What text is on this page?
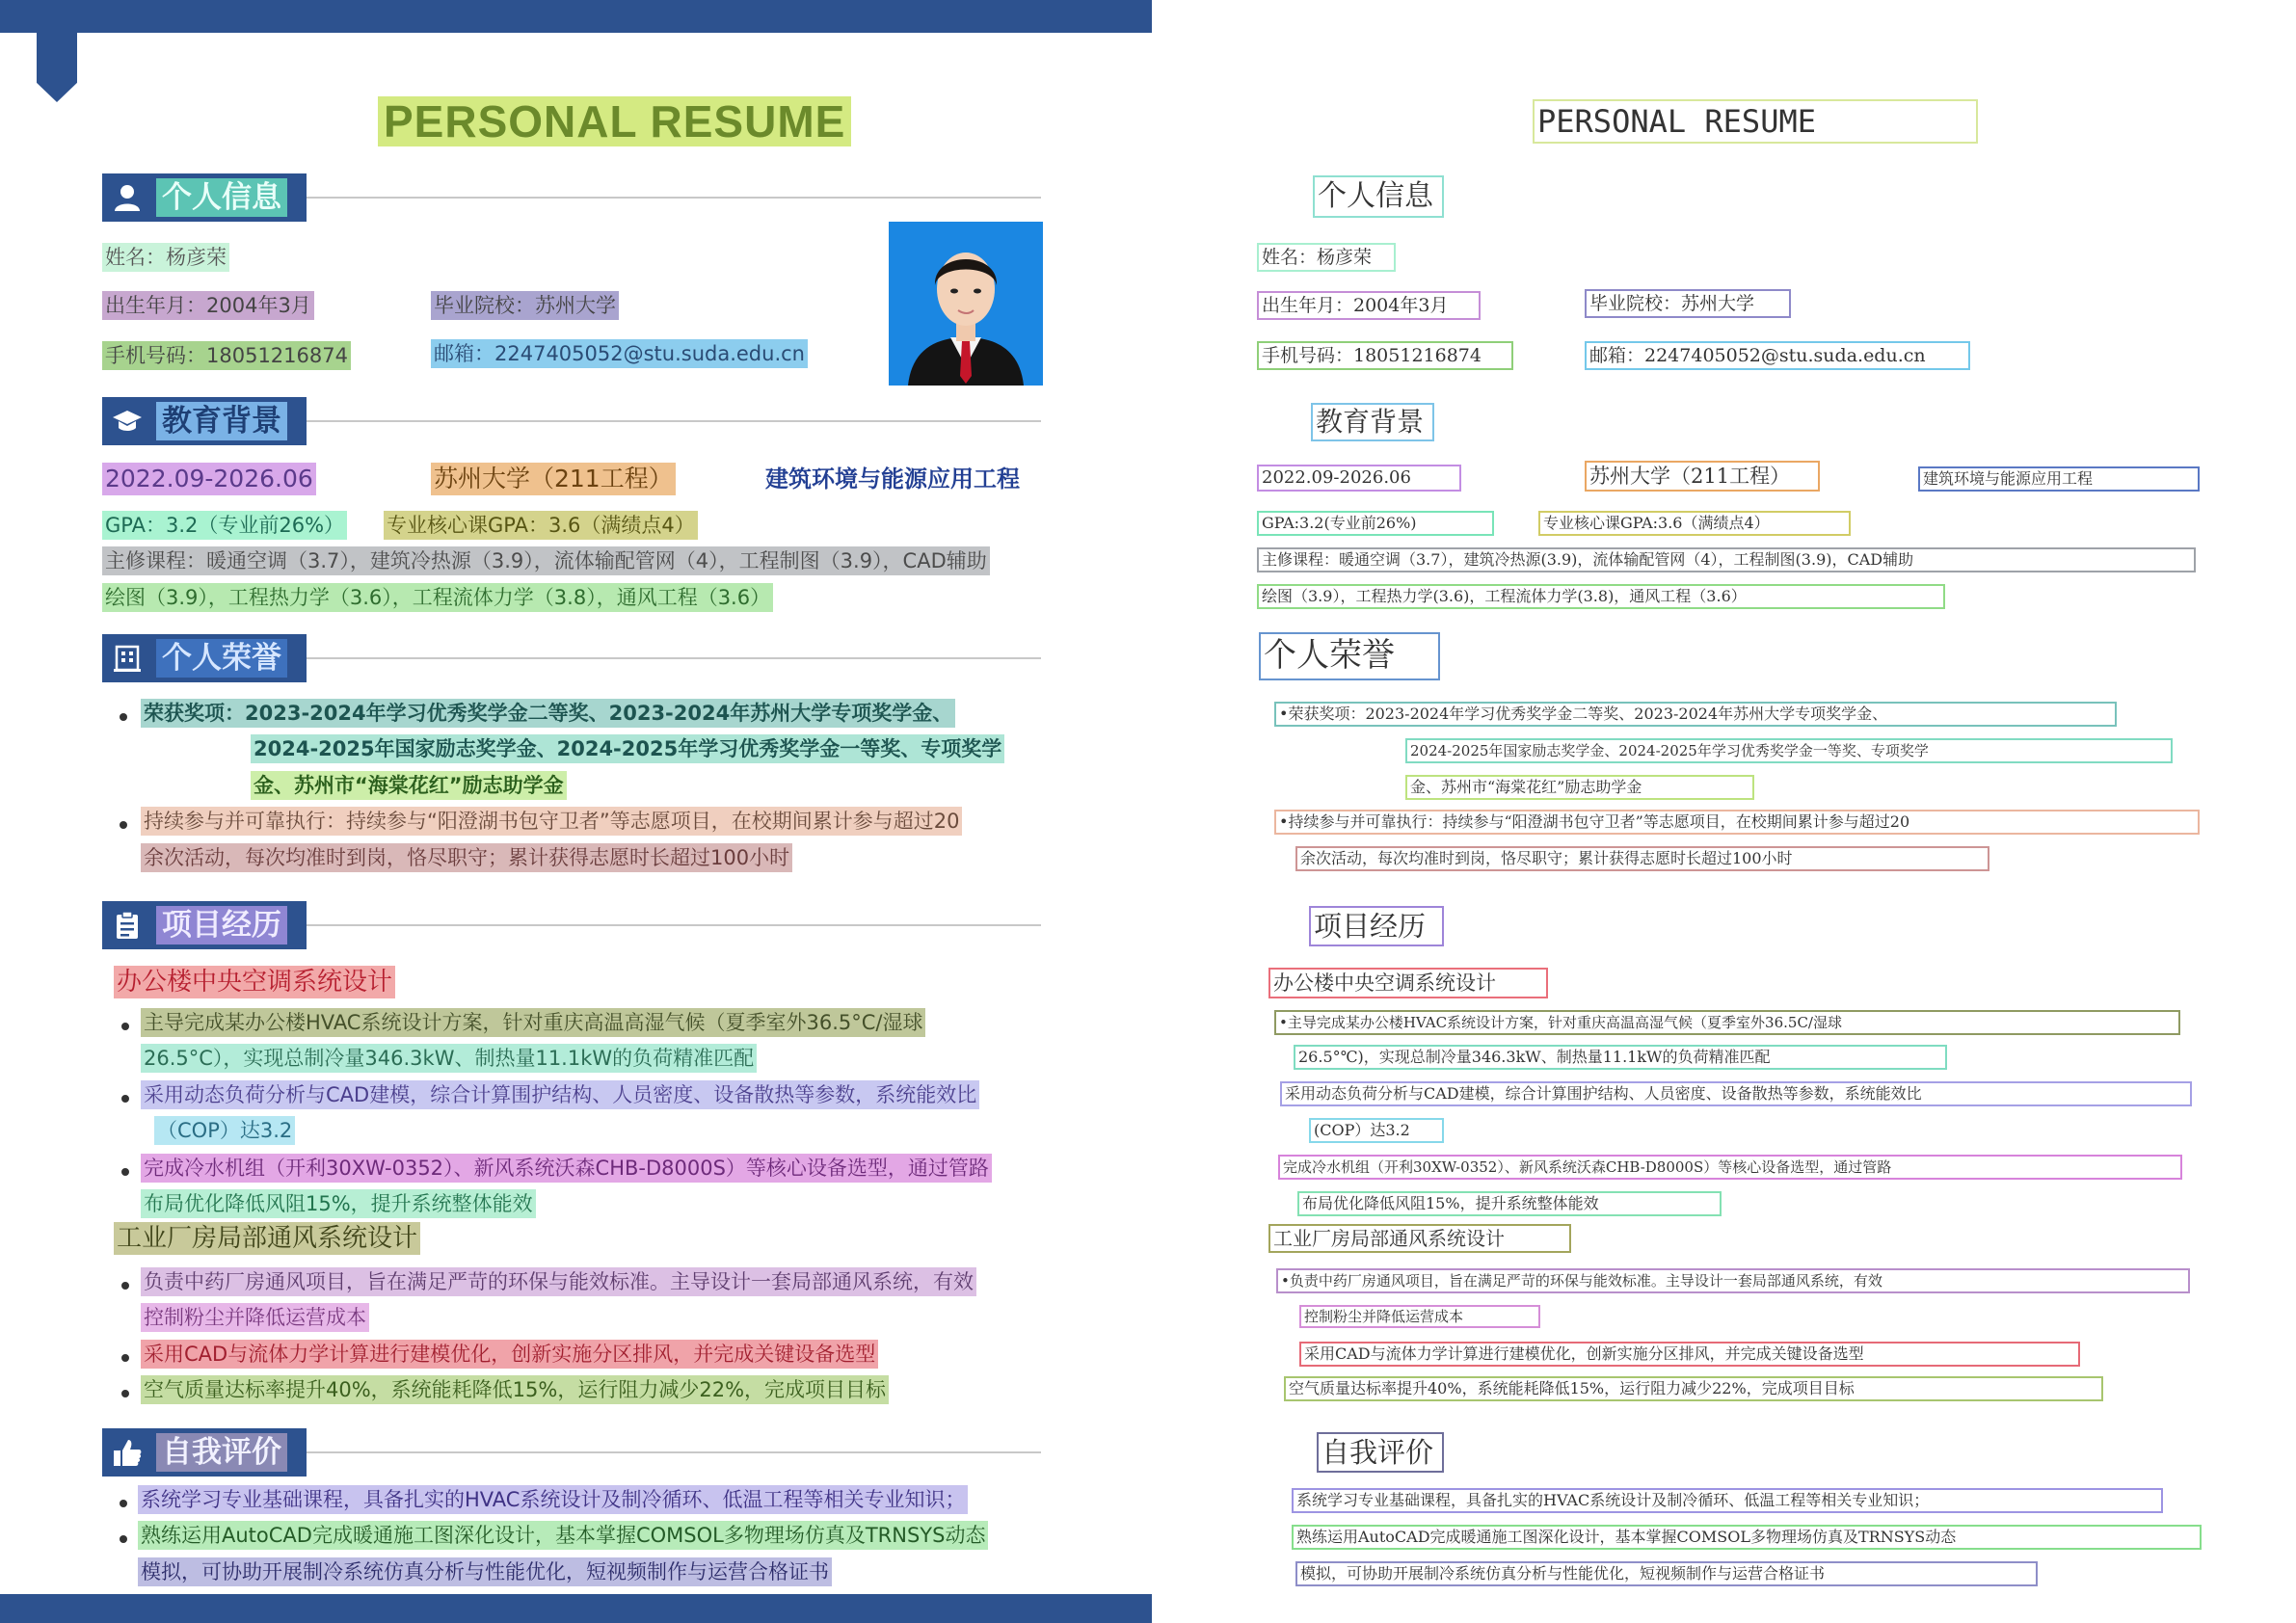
PERSONAL RESUME
个人信息
姓名：杨彦荣
出生年月：2004年3月	毕业院校：苏州大学
手机号码：18051216874	邮箱：2247405052@stu.suda.edu.cn
教育背景
2022.09-2026.06	苏州大学（211工程）	建筑环境与能源应用工程
GPA：3.2（专业前26%） 专业核心课GPA：3.6（满绩点4）
主修课程：暖通空调（3.7），建筑冷热源（3.9），流体输配管网（4），工程制图（3.9），CAD辅助
绘图（3.9），工程热力学（3.6），工程流体力学（3.8），通风工程（3.6）
个人荣誉
荣获奖项：2023-2024年学习优秀奖学金二等奖、2023-2024年苏州大学专项奖学金、
2024-2025年国家励志奖学金、2024-2025年学习优秀奖学金一等奖、专项奖学
金、苏州市“海棠花红”励志助学金
持续参与并可靠执行：持续参与“阳澄湖书包守卫者”等志愿项目，在校期间累计参与超过20
余次活动，每次均准时到岗，恪尽职守；累计获得志愿时长超过100小时
项目经历
办公楼中央空调系统设计
主导完成某办公楼HVAC系统设计方案，针对重庆高温高湿气候（夏季室外36.5°C/湿球
26.5°C），实现总制冷量346.3kW、制热量11.1kW的负荷精准匹配
采用动态负荷分析与CAD建模，综合计算围护结构、人员密度、设备散热等参数，系统能效比
（COP）达3.2
完成冷水机组（开利30XW-0352）、新风系统沃森CHB-D8000S）等核心设备选型，通过管路
布局优化降低风阻15%，提升系统整体能效
工业厂房局部通风系统设计
负责中药厂房通风项目，旨在满足严苛的环保与能效标准。主导设计一套局部通风系统，有效
控制粉尘并降低运营成本
采用CAD与流体力学计算进行建模优化，创新实施分区排风，并完成关键设备选型
空气质量达标率提升40%，系统能耗降低15%，运行阻力减少22%，完成项目目标
自我评价
系统学习专业基础课程，具备扎实的HVAC系统设计及制冷循环、低温工程等相关专业知识；
熟练运用AutoCAD完成暖通施工图深化设计，基本掌握COMSOL多物理场仿真及TRNSYS动态
模拟，可协助开展制冷系统仿真分析与性能优化，短视频制作与运营合格证书
PERSONAL RESUME
个人信息
姓名：杨彦荣
出生年月：2004年3月	毕业院校：苏州大学
手机号码：18051216874	邮箱：2247405052@stu.suda.edu.cn
教育背景
2022.09-2026.06	苏州大学（211工程）	建筑环境与能源应用工程
GPA:3.2(专业前26%)	专业核心课GPA:3.6（满绩点4）
主修课程：暖通空调（3.7），建筑冷热源(3.9)，流体输配管网（4），工程制图(3.9)，CAD辅助
绘图（3.9），工程热力学(3.6)，工程流体力学(3.8)，通风工程（3.6）
个人荣誉
•荣获奖项：2023-2024年学习优秀奖学金二等奖、2023-2024年苏州大学专项奖学金、
2024-2025年国家励志奖学金、2024-2025年学习优秀奖学金一等奖、专项奖学
金、苏州市“海棠花红”励志助学金
•持续参与并可靠执行：持续参与“阳澄湖书包守卫者”等志愿项目，在校期间累计参与超过20
余次活动，每次均准时到岗，恪尽职守；累计获得志愿时长超过100小时
项目经历
办公楼中央空调系统设计
•主导完成某办公楼HVAC系统设计方案，针对重庆高温高湿气候（夏季室外36.5C/湿球
26.5°℃)，实现总制冷量346.3kW、制热量11.1kW的负荷精准匹配
采用动态负荷分析与CAD建模，综合计算围护结构、人员密度、设备散热等参数，系统能效比
(COP）达3.2
完成冷水机组（开利30XW-0352）、新风系统沃森CHB-D8000S）等核心设备选型，通过管路
布局优化降低风阻15%，提升系统整体能效
工业厂房局部通风系统设计
•负责中药厂房通风项目，旨在满足严苛的环保与能效标准。主导设计一套局部通风系统，有效
控制粉尘并降低运营成本
采用CAD与流体力学计算进行建模优化，创新实施分区排风，并完成关键设备选型
空气质量达标率提升40%，系统能耗降低15%，运行阻力减少22%，完成项目目标
自我评价
系统学习专业基础课程，具备扎实的HVAC系统设计及制冷循环、低温工程等相关专业知识；
熟练运用AutoCAD完成暖通施工图深化设计，基本掌握COMSOL多物理场仿真及TRNSYS动态
模拟，可协助开展制冷系统仿真分析与性能优化，短视频制作与运营合格证书
